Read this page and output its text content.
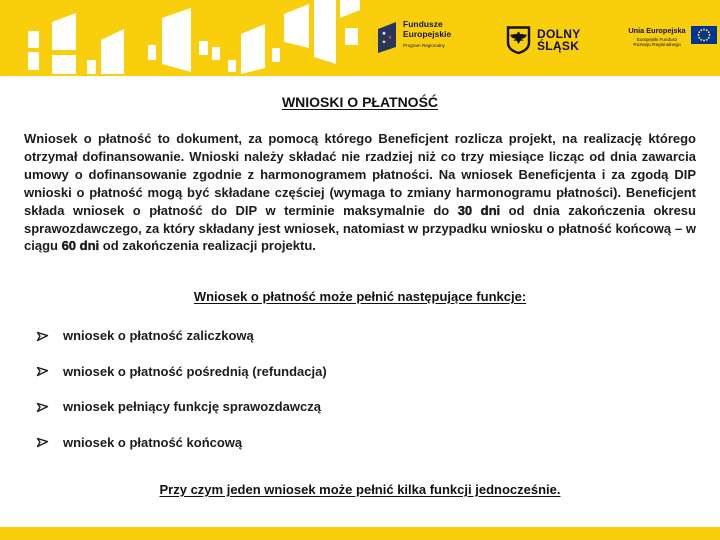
Fundusze
Europejskie
Program Regionalny
DOLNY
ŚLĄSK
Unia Europejska
Europejski Fundusz
Rozwoju Regionalnego
WNIOSKI O PŁATNOŚĆ
Wniosek o płatność to dokument, za pomocą którego Beneficjent rozlicza projekt, na realizację którego otrzymał dofinansowanie. Wnioski należy składać nie rzadziej niż co trzy miesiące licząc od dnia zawarcia umowy o dofinansowanie zgodnie z harmonogramem płatności. Na wniosek Beneficjenta i za zgodą DIP wnioski o płatność mogą być składane częściej (wymaga to zmiany harmonogramu płatności). Beneficjent składa wniosek o płatność do DIP w terminie maksymalnie do 30 dni od dnia zakończenia okresu sprawozdawczego, za który składany jest wniosek, natomiast w przypadku wniosku o płatność końcową – w ciągu 60 dni od zakończenia realizacji projektu.
Wniosek o płatność może pełnić następujące funkcje:
wniosek o płatność zaliczkową
wniosek o płatność pośrednią (refundacja)
wniosek pełniący funkcję sprawozdawczą
wniosek o płatność końcową
Przy czym jeden wniosek może pełnić kilka funkcji jednocześnie.
